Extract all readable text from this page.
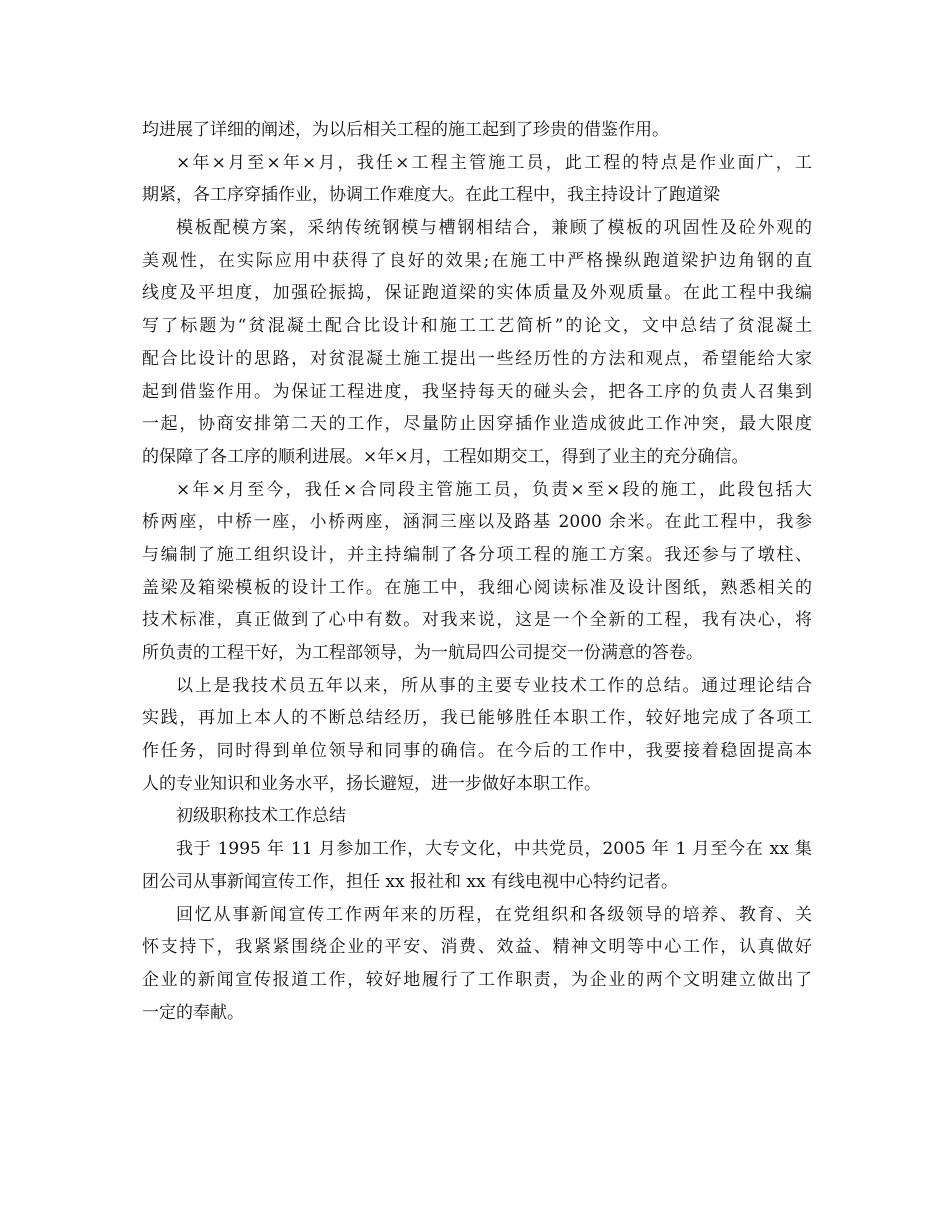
均进展了详细的阐述，为以后相关工程的施工起到了珍贵的借鉴作用。
×年×月至×年×月，我任×工程主管施工员，此工程的特点是作业面广，工
期紧，各工序穿插作业，协调工作难度大。在此工程中，我主持设计了跑道梁
模板配模方案，采纳传统钢模与槽钢相结合，兼顾了模板的巩固性及砼外观的
美观性，在实际应用中获得了良好的效果;在施工中严格操纵跑道梁护边角钢的直
线度及平坦度，加强砼振捣，保证跑道梁的实体质量及外观质量。在此工程中我编
写了标题为“贫混凝土配合比设计和施工工艺简析”的论文，文中总结了贫混凝土
配合比设计的思路，对贫混凝土施工提出一些经历性的方法和观点，希望能给大家
起到借鉴作用。为保证工程进度，我坚持每天的碰头会，把各工序的负责人召集到
一起，协商安排第二天的工作，尽量防止因穿插作业造成彼此工作冲突，最大限度
的保障了各工序的顺利进展。×年×月，工程如期交工，得到了业主的充分确信。
×年×月至今，我任×合同段主管施工员，负责×至×段的施工，此段包括大
桥两座，中桥一座，小桥两座，涵洞三座以及路基 2000 余米。在此工程中，我参
与编制了施工组织设计，并主持编制了各分项工程的施工方案。我还参与了墩柱、
盖梁及箱梁模板的设计工作。在施工中，我细心阅读标准及设计图纸，熟悉相关的
技术标准，真正做到了心中有数。对我来说，这是一个全新的工程，我有决心，将
所负责的工程干好，为工程部领导，为一航局四公司提交一份满意的答卷。
以上是我技术员五年以来，所从事的主要专业技术工作的总结。通过理论结合
实践，再加上本人的不断总结经历，我已能够胜任本职工作，较好地完成了各项工
作任务，同时得到单位领导和同事的确信。在今后的工作中，我要接着稳固提高本
人的专业知识和业务水平，扬长避短，进一步做好本职工作。
初级职称技术工作总结
我于 1995 年 11 月参加工作，大专文化，中共党员，2005 年 1 月至今在 xx 集
团公司从事新闻宣传工作，担任 xx 报社和 xx 有线电视中心特约记者。
回忆从事新闻宣传工作两年来的历程，在党组织和各级领导的培养、教育、关
怀支持下，我紧紧围绕企业的平安、消费、效益、精神文明等中心工作，认真做好
企业的新闻宣传报道工作，较好地履行了工作职责，为企业的两个文明建立做出了
一定的奉献。
